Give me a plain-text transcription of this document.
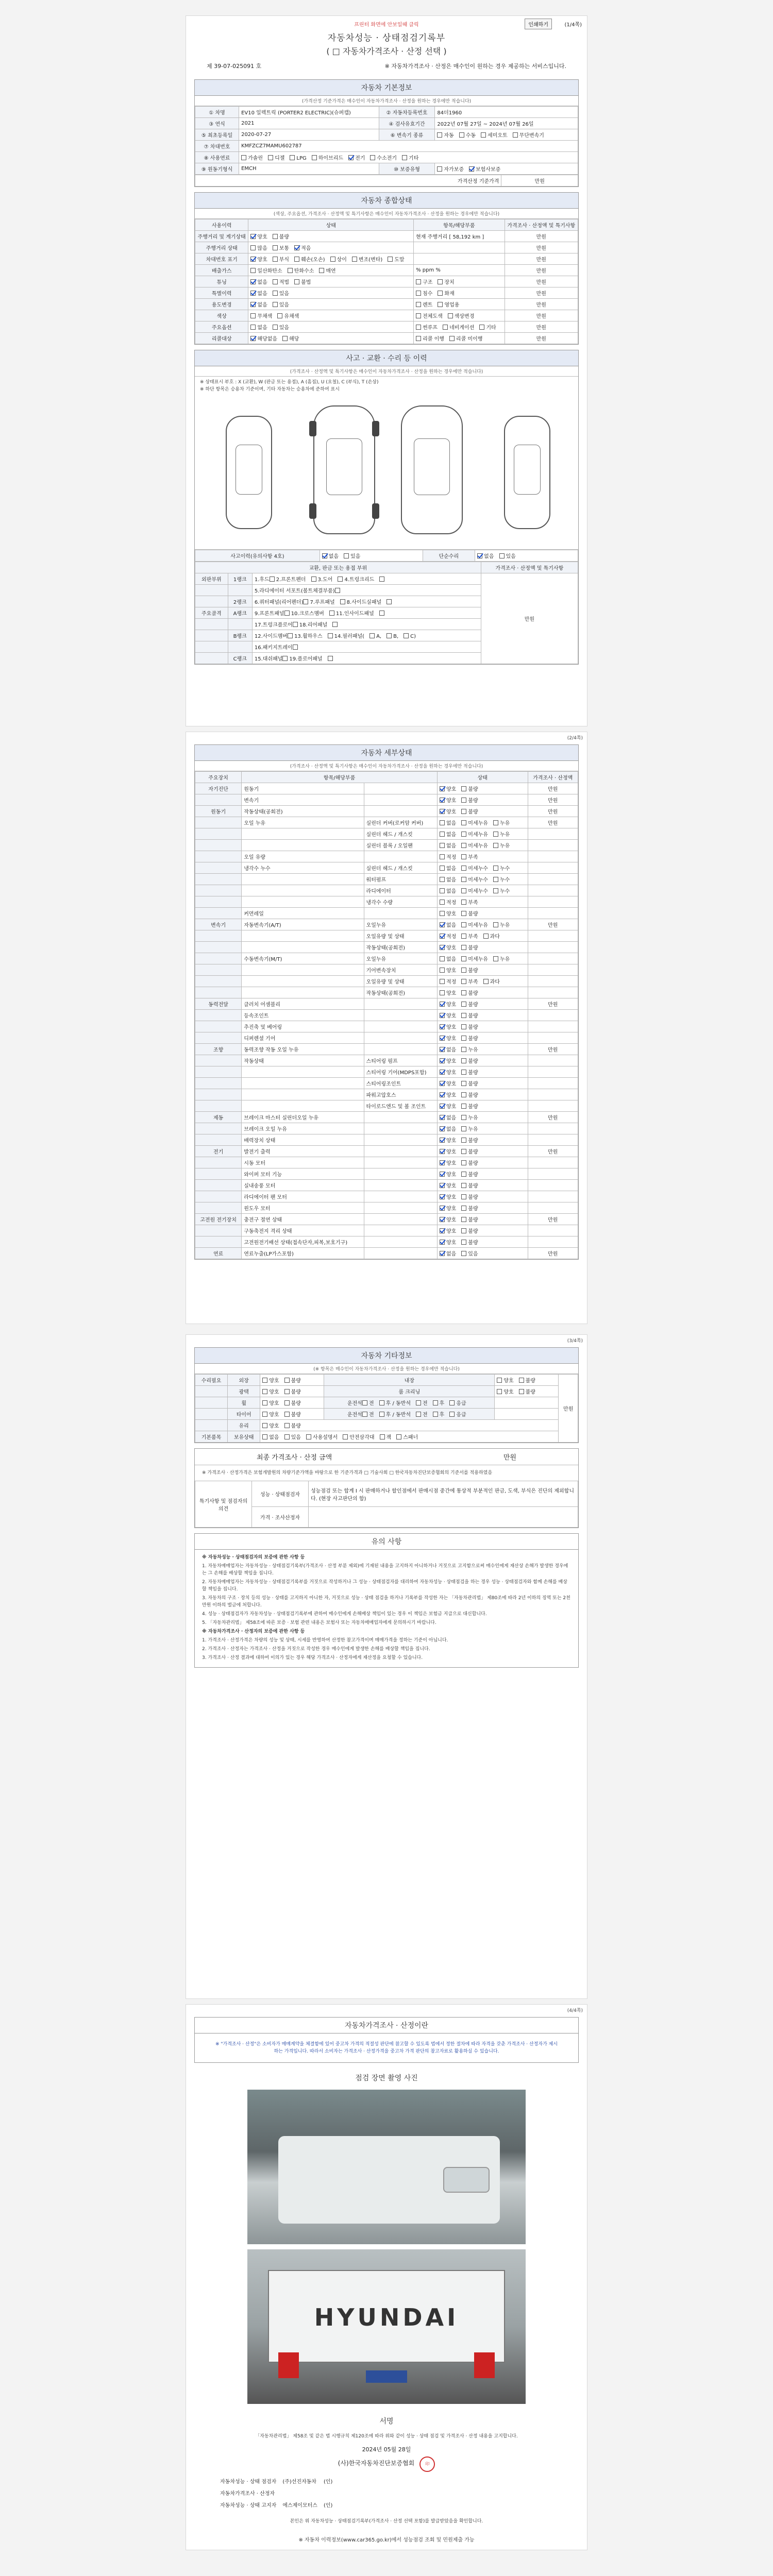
프린터 화면에 안보일때 클릭	인쇄하기	(1/4쪽)
자동차성능 · 상태점검기록부
( □ 자동차가격조사 · 산정 선택 )
제 39-07-025091 호	※ 자동차가격조사 · 산정은 매수인이 원하는 경우 제공하는 서비스입니다.
자동차 기본정보
(가격산정 기준가격은 매수인이 자동차가격조사 · 산정을 원하는 경우에만 적습니다)
① 차명	EV10 일렉트릭 (PORTER2 ELECTRIC)(슈퍼캡)	② 자동차등록번호	84더1960
③ 연식	2021	④ 검사유효기간	2022년 07월 27일 ~ 2024년 07월 26일
⑤ 최초등록일	2020-07-27	⑥ 변속기 종류	자동 수동 세미오토 무단변속기
⑦ 차대번호	KMFZCZ7MAMU602787		
⑧ 사용연료	가솔린 디젤 LPG 하이브리드 전기 수소전기 기타		
⑨ 원동기형식	EMCH	⑩ 보증유형	자가보증 보험사보증
가격산정 기준가격	만원
자동차 종합상태
(색상, 주요옵션, 가격조사 · 산정액 및 특기사항은 매수인이 자동차가격조사 · 산정을 원하는 경우에만 적습니다)
사용이력	상태	항목/해당부품	가격조사 · 산정액 및 특기사항
주행거리 및 계기상태	양호 불량	현재 주행거리 [ 58,192 km ]	만원
주행거리 상태	많음 보통 적음		만원
차대번호 표기	양호 부식 훼손(오손) 상이 변조(변타) 도말		만원
배출가스	일산화탄소 탄화수소 매연	% ppm %	만원
튜닝	없음 적법 불법	구조 장치	만원
특별이력	없음 있음	침수 화재	만원
용도변경	없음 있음	렌트 영업용	만원
색상	무채색 유채색	전체도색 색상변경	만원
주요옵션	없음 있음	썬루프 네비게이션 기타	만원
리콜대상	해당없음 해당	리콜 이행 리콜 미이행	만원
사고 · 교환 · 수리 등 이력
(가격조사 · 산정액 및 특기사항은 매수인이 자동차가격조사 · 산정을 원하는 경우에만 적습니다)
※ 상태표시 부호 : X (교환), W (판금 또는 용접), A (흠집), U (요철), C (부식), T (손상)
※ 하단 항목은 승용차 기준이며, 기타 자동차는 승용차에 준하여 표시
사고이력(유의사항 4호)	없음 있음	단순수리	없음 있음
교환, 판금 또는 용접 부위			가격조사 · 산정액 및 특기사항
외판부위	1랭크	1.후드 2.프론트펜더 3.도어 4.트렁크리드	만원
		5.라디에이터 서포트(볼트체결부품)	
	2랭크	6.쿼터패널(리어펜더) 7.루프패널 8.사이드실패널	
주요골격	A랭크	9.프론트패널 10.크로스멤버 11.인사이드패널	
		17.트렁크플로어 18.리어패널	
	B랭크	12.사이드멤버 13.휠하우스 14.필러패널( A, B, C)	
		16.패키지트레이	
	C랭크	15.대쉬패널 19.플로어패널	
(2/4쪽)
자동차 세부상태
(가격조사 · 산정액 및 특기사항은 매수인이 자동차가격조사 · 산정을 원하는 경우에만 적습니다)
주요장치	항목/해당부품		상태	가격조사 · 산정액
자기진단	원동기		양호 불량	만원
	변속기		양호 불량	만원
원동기	작동상태(공회전)		양호 불량	만원
	오일 누유	실린더 커버(로커암 커버)	없음 미세누유 누유	만원
		실린더 헤드 / 개스킷	없음 미세누유 누유	
		실린더 블록 / 오일팬	없음 미세누유 누유	
	오일 유량		적정 부족	
	냉각수 누수	실린더 헤드 / 개스킷	없음 미세누수 누수	
		워터펌프	없음 미세누수 누수	
		라디에이터	없음 미세누수 누수	
		냉각수 수량	적정 부족	
	커먼레일		양호 불량	
변속기	자동변속기(A/T)	오일누유	없음 미세누유 누유	만원
		오일유량 및 상태	적정 부족 과다	
		작동상태(공회전)	양호 불량	
	수동변속기(M/T)	오일누유	없음 미세누유 누유	
		기어변속장치	양호 불량	
		오일유량 및 상태	적정 부족 과다	
		작동상태(공회전)	양호 불량	
동력전달	클러치 어셈블리		양호 불량	만원
	등속조인트		양호 불량	
	추진축 및 베어링		양호 불량	
	디퍼렌셜 기어		양호 불량	
조향	동력조향 작동 오일 누유		없음 누유	만원
	작동상태	스티어링 펌프	양호 불량	
		스티어링 기어(MDPS포함)	양호 불량	
		스티어링조인트	양호 불량	
		파워고압호스	양호 불량	
		타이로드엔드 및 볼 조인트	양호 불량	
제동	브레이크 마스터 실린더오일 누유		없음 누유	만원
	브레이크 오일 누유		없음 누유	
	배력장치 상태		양호 불량	
전기	발전기 출력		양호 불량	만원
	시동 모터		양호 불량	
	와이퍼 모터 기능		양호 불량	
	실내송풍 모터		양호 불량	
	라디에이터 팬 모터		양호 불량	
	윈도우 모터		양호 불량	
고전원 전기장치	충전구 절연 상태		양호 불량	만원
	구동축전지 격리 상태		양호 불량	
	고전원전기배선 상태(접속단자,피복,보호기구)		양호 불량	
연료	연료누출(LP가스포함)		없음 있음	만원
(3/4쪽)
자동차 기타정보
(※ 항목은 매수인이 자동차가격조사 · 산정을 원하는 경우에만 적습니다)
수리필요	외장	양호 불량	내장	양호 불량	만원
	광택	양호 불량	룸 크리닝	양호 불량	
	휠	양호 불량	운전석 전 후 / 동반석 전 후 응급		
	타이어	양호 불량	운전석 전 후 / 동반석 전 후 응급		
	유리	양호 불량			
기본품목	보유상태	없음 있음 사용설명서 안전삼각대 잭 스패너			
최종 가격조사 · 산정 금액	만원
※ 가격조사 · 산정가격은 보험개발원의 차량기준가액을 바탕으로 한 기준가격과 □ 기술사회 □ 한국자동차진단보증협회의 기준서를 적용하였음
특기사항 및 점검자의 의견	성능 · 상태점검자	성능점검 또는 합계 Ⅰ 시 판매하거나 할인점에서 판매시점 중간에 통상적 부분적인 판금, 도색, 부식은 진단의 제외합니다. (현장 사고판단의 함)
	가격 · 조사산정자	
유의 사항

※ 자동차성능 · 상태점검자의 보증에 관한 사항 등

1. 자동차매매업자는 자동차성능 · 상태점검기록부(가격조사 · 산정 부분 제외)에 기재된 내용을 고지하지 아니하거나 거짓으로 고지함으로써 매수인에게 재산상 손해가 발생한 경우에는 그 손해를 배상할 책임을 집니다.

2. 자동차매매업자는 자동차성능 · 상태점검기록부를 거짓으로 작성하거나 그 성능 · 상태점검자를 대리하여 자동차성능 · 상태점검을 하는 경우 성능 · 상태점검자와 함께 손해를 배상할 책임을 집니다.

3. 자동차의 구조 · 장치 등의 성능 · 상태를 고지하지 아니한 자, 거짓으로 성능 · 상태 점검을 하거나 기록부를 작성한 자는 「자동차관리법」 제80조에 따라 2년 이하의 징역 또는 2천만원 이하의 벌금에 처합니다.

4. 성능 · 상태점검자가 자동차성능 · 상태점검기록부에 관하여 매수인에게 손해배상 책임이 있는 경우 이 책임은 보험금 지급으로 대신합니다.

5. 「자동차관리법」 제58조에 따른 보증 · 보험 관련 내용은 보험사 또는 자동차매매업자에게 문의하시기 바랍니다.

※ 자동차가격조사 · 산정자의 보증에 관한 사항 등

1. 가격조사 · 산정가격은 차량의 성능 및 상태, 시세를 반영하여 산정한 참고가격이며 매매가격을 정하는 기준이 아닙니다.

2. 가격조사 · 산정자는 가격조사 · 산정을 거짓으로 작성한 경우 매수인에게 발생한 손해를 배상할 책임을 집니다.

3. 가격조사 · 산정 결과에 대하여 이의가 있는 경우 해당 가격조사 · 산정자에게 재산정을 요청할 수 있습니다.

(4/4쪽)
자동차가격조사 · 산정이란
※ "가격조사 · 산정"은 소비자가 매매계약을 체결함에 있어 중고차 가격의 적절성 판단에 참고할 수 있도록 법에서 정한 절차에 따라 자격을 갖춘 가격조사 · 산정자가 제시하는 가격입니다. 따라서 소비자는 가격조사 · 산정가격을 중고차 가격 판단의 참고자료로 활용하실 수 있습니다.
점검 장면 촬영 사진
HYUNDAI
서명
「자동차관리법」 제58조 및 같은 법 시행규칙 제120조에 따라 위와 같이 성능 · 상태 점검 및 가격조사 · 산정 내용을 고지합니다.
2024년 05월 28일
(사)한국자동차진단보증협회	印
자동차성능 · 상태 점검자	(주)선진자동차	(인)
자동차가격조사 · 산정자		
자동차성능 · 상태 고지자	에스제이모터스	(인)
본인은 위 자동차성능 · 상태점검기록부(가격조사 · 산정 선택 포함)를 발급받았음을 확인합니다.
※ 자동차 이력정보(www.car365.go.kr)에서 성능점검 조회 및 민원제출 가능
